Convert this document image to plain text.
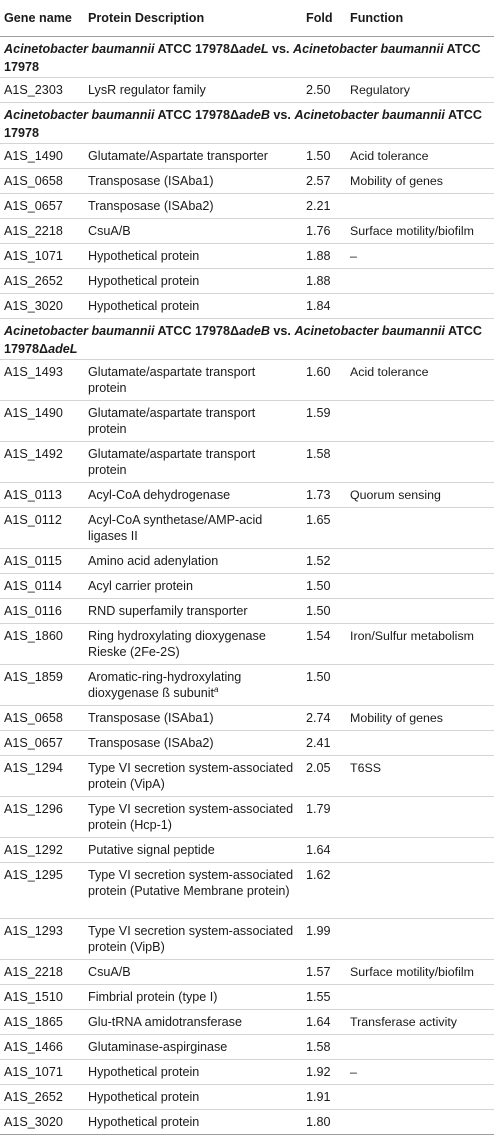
Gene name	Protein Description	Fold	Function
Acinetobacter baumannii ATCC 17978ΔadeL vs. Acinetobacter baumannii ATCC 17978			
A1S_2303	LysR regulator family	2.50	Regulatory
Acinetobacter baumannii ATCC 17978ΔadeB vs. Acinetobacter baumannii ATCC 17978			
A1S_1490	Glutamate/Aspartate transporter	1.50	Acid tolerance
A1S_0658	Transposase (ISAba1)	2.57	Mobility of genes
A1S_0657	Transposase (ISAba2)	2.21	
A1S_2218	CsuA/B	1.76	Surface motility/biofilm
A1S_1071	Hypothetical protein	1.88	–
A1S_2652	Hypothetical protein	1.88	
A1S_3020	Hypothetical protein	1.84	
Acinetobacter baumannii ATCC 17978ΔadeB vs. Acinetobacter baumannii ATCC 17978ΔadeL			
A1S_1493	Glutamate/aspartate transport protein	1.60	Acid tolerance
A1S_1490	Glutamate/aspartate transport protein	1.59	
A1S_1492	Glutamate/aspartate transport protein	1.58	
A1S_0113	Acyl-CoA dehydrogenase	1.73	Quorum sensing
A1S_0112	Acyl-CoA synthetase/AMP-acid ligases II	1.65	
A1S_0115	Amino acid adenylation	1.52	
A1S_0114	Acyl carrier protein	1.50	
A1S_0116	RND superfamily transporter	1.50	
A1S_1860	Ring hydroxylating dioxygenase Rieske (2Fe-2S)	1.54	Iron/Sulfur metabolism
A1S_1859	Aromatic-ring-hydroxylating dioxygenase ß subunit$^a$	1.50	
A1S_0658	Transposase (ISAba1)	2.74	Mobility of genes
A1S_0657	Transposase (ISAba2)	2.41	
A1S_1294	Type VI secretion system-associated protein (VipA)	2.05	T6SS
A1S_1296	Type VI secretion system-associated protein (Hcp-1)	1.79	
A1S_1292	Putative signal peptide	1.64	
A1S_1295	Type VI secretion system-associated protein (Putative Membrane protein)	1.62	
A1S_1293	Type VI secretion system-associated protein (VipB)	1.99	
A1S_2218	CsuA/B	1.57	Surface motility/biofilm
A1S_1510	Fimbrial protein (type I)	1.55	
A1S_1865	Glu-tRNA amidotransferase	1.64	Transferase activity
A1S_1466	Glutaminase-aspirginase	1.58	
A1S_1071	Hypothetical protein	1.92	–
A1S_2652	Hypothetical protein	1.91	
A1S_3020	Hypothetical protein	1.80	
